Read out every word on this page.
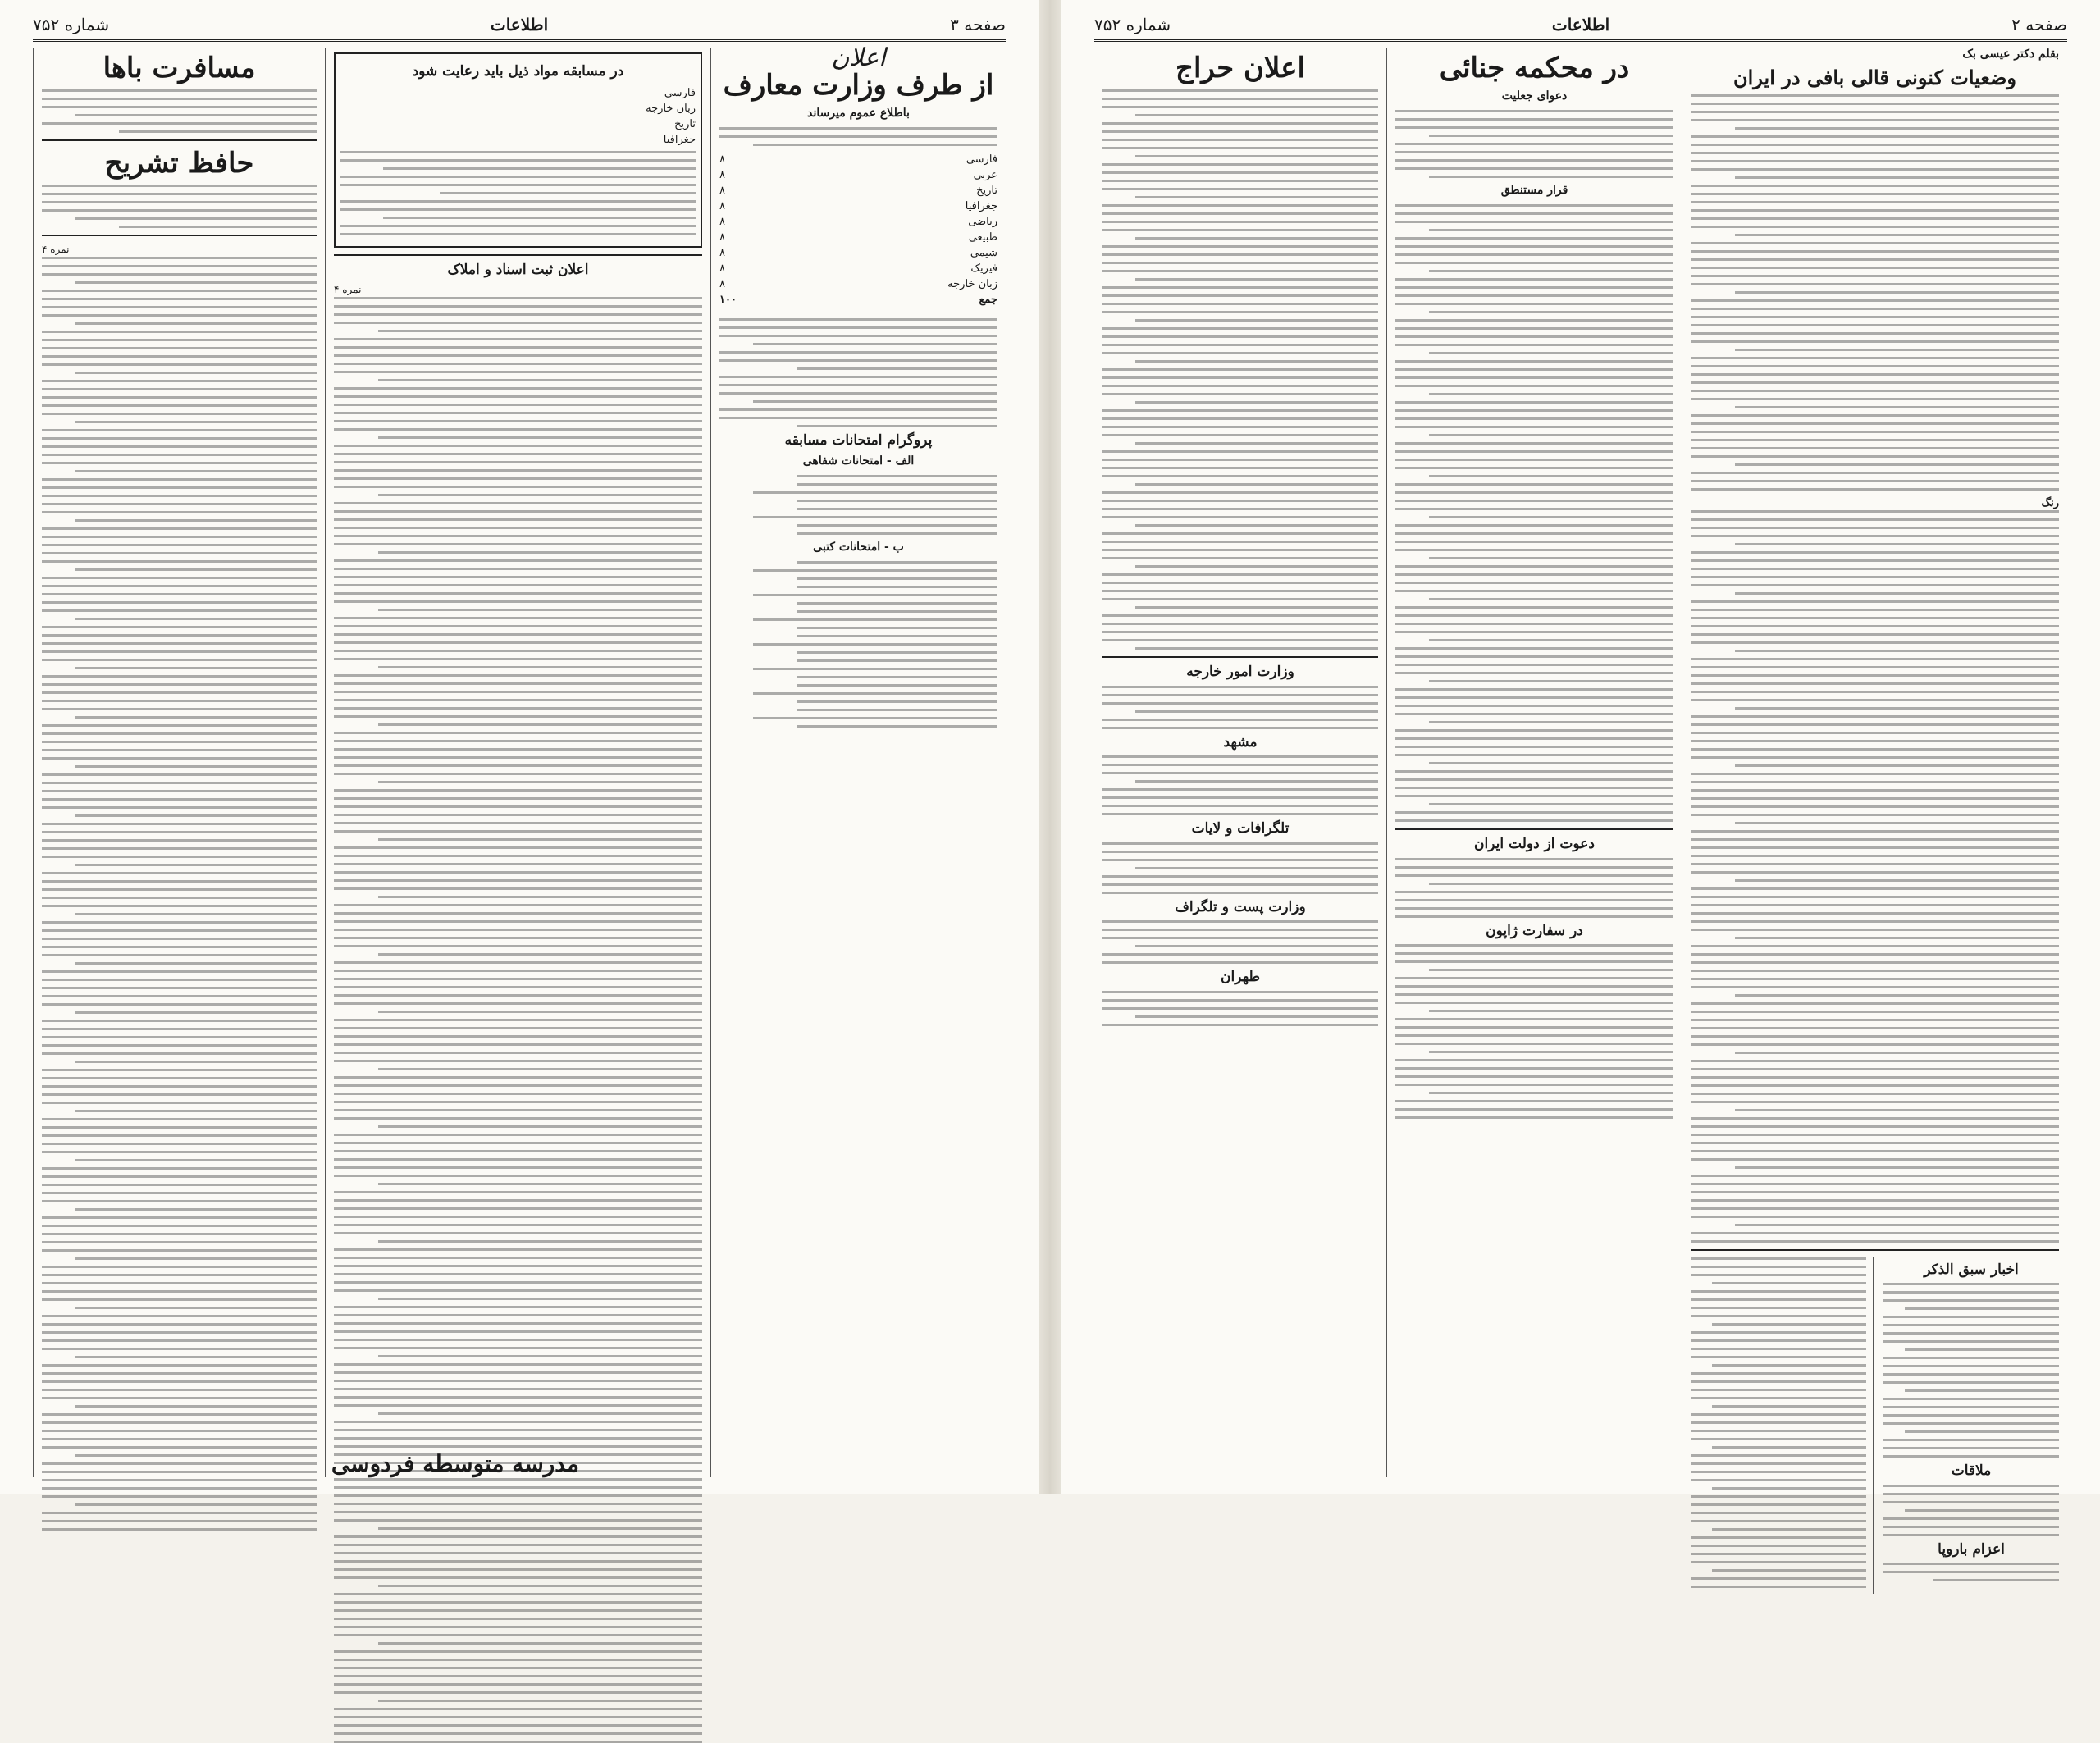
صفحه ۳
اطلاعات
شماره ۷۵۲
اعلان
از طرف وزارت معارف
باطلاع عموم میرساند
فارسی
۸
عربی
۸
تاریخ
۸
جغرافیا
۸
ریاضی
۸
طبیعی
۸
شیمی
۸
فیزیک
۸
زبان خارجه
۸
جمع
۱۰۰
پروگرام امتحانات مسابقه
الف - امتحانات شفاهی
ب - امتحانات کتبی
در مسابقه مواد ذیل باید رعایت شود
فارسی
زبان خارجه
تاریخ
جغرافیا
اعلان ثبت اسناد و املاک
نمره ۴
مسافرت باها
حافظ تشریح
نمره ۴
مدرسه متوسطه فردوسی
صفحه ۲
اطلاعات
شماره ۷۵۲
بقلم دکتر عیسی بک
وضعیات کنونی قالی بافی در ایران
رنگ
اخبار سبق الذکر
ملاقات
اعزام باروپا
در محکمه جنائی
دعوای جعلیت
قرار مستنطق
دعوت از دولت ایران
در سفارت ژاپون
اعلان حراج
وزارت امور خارجه
مشهد
تلگرافات و لایات
وزارت پست و تلگراف
طهران
